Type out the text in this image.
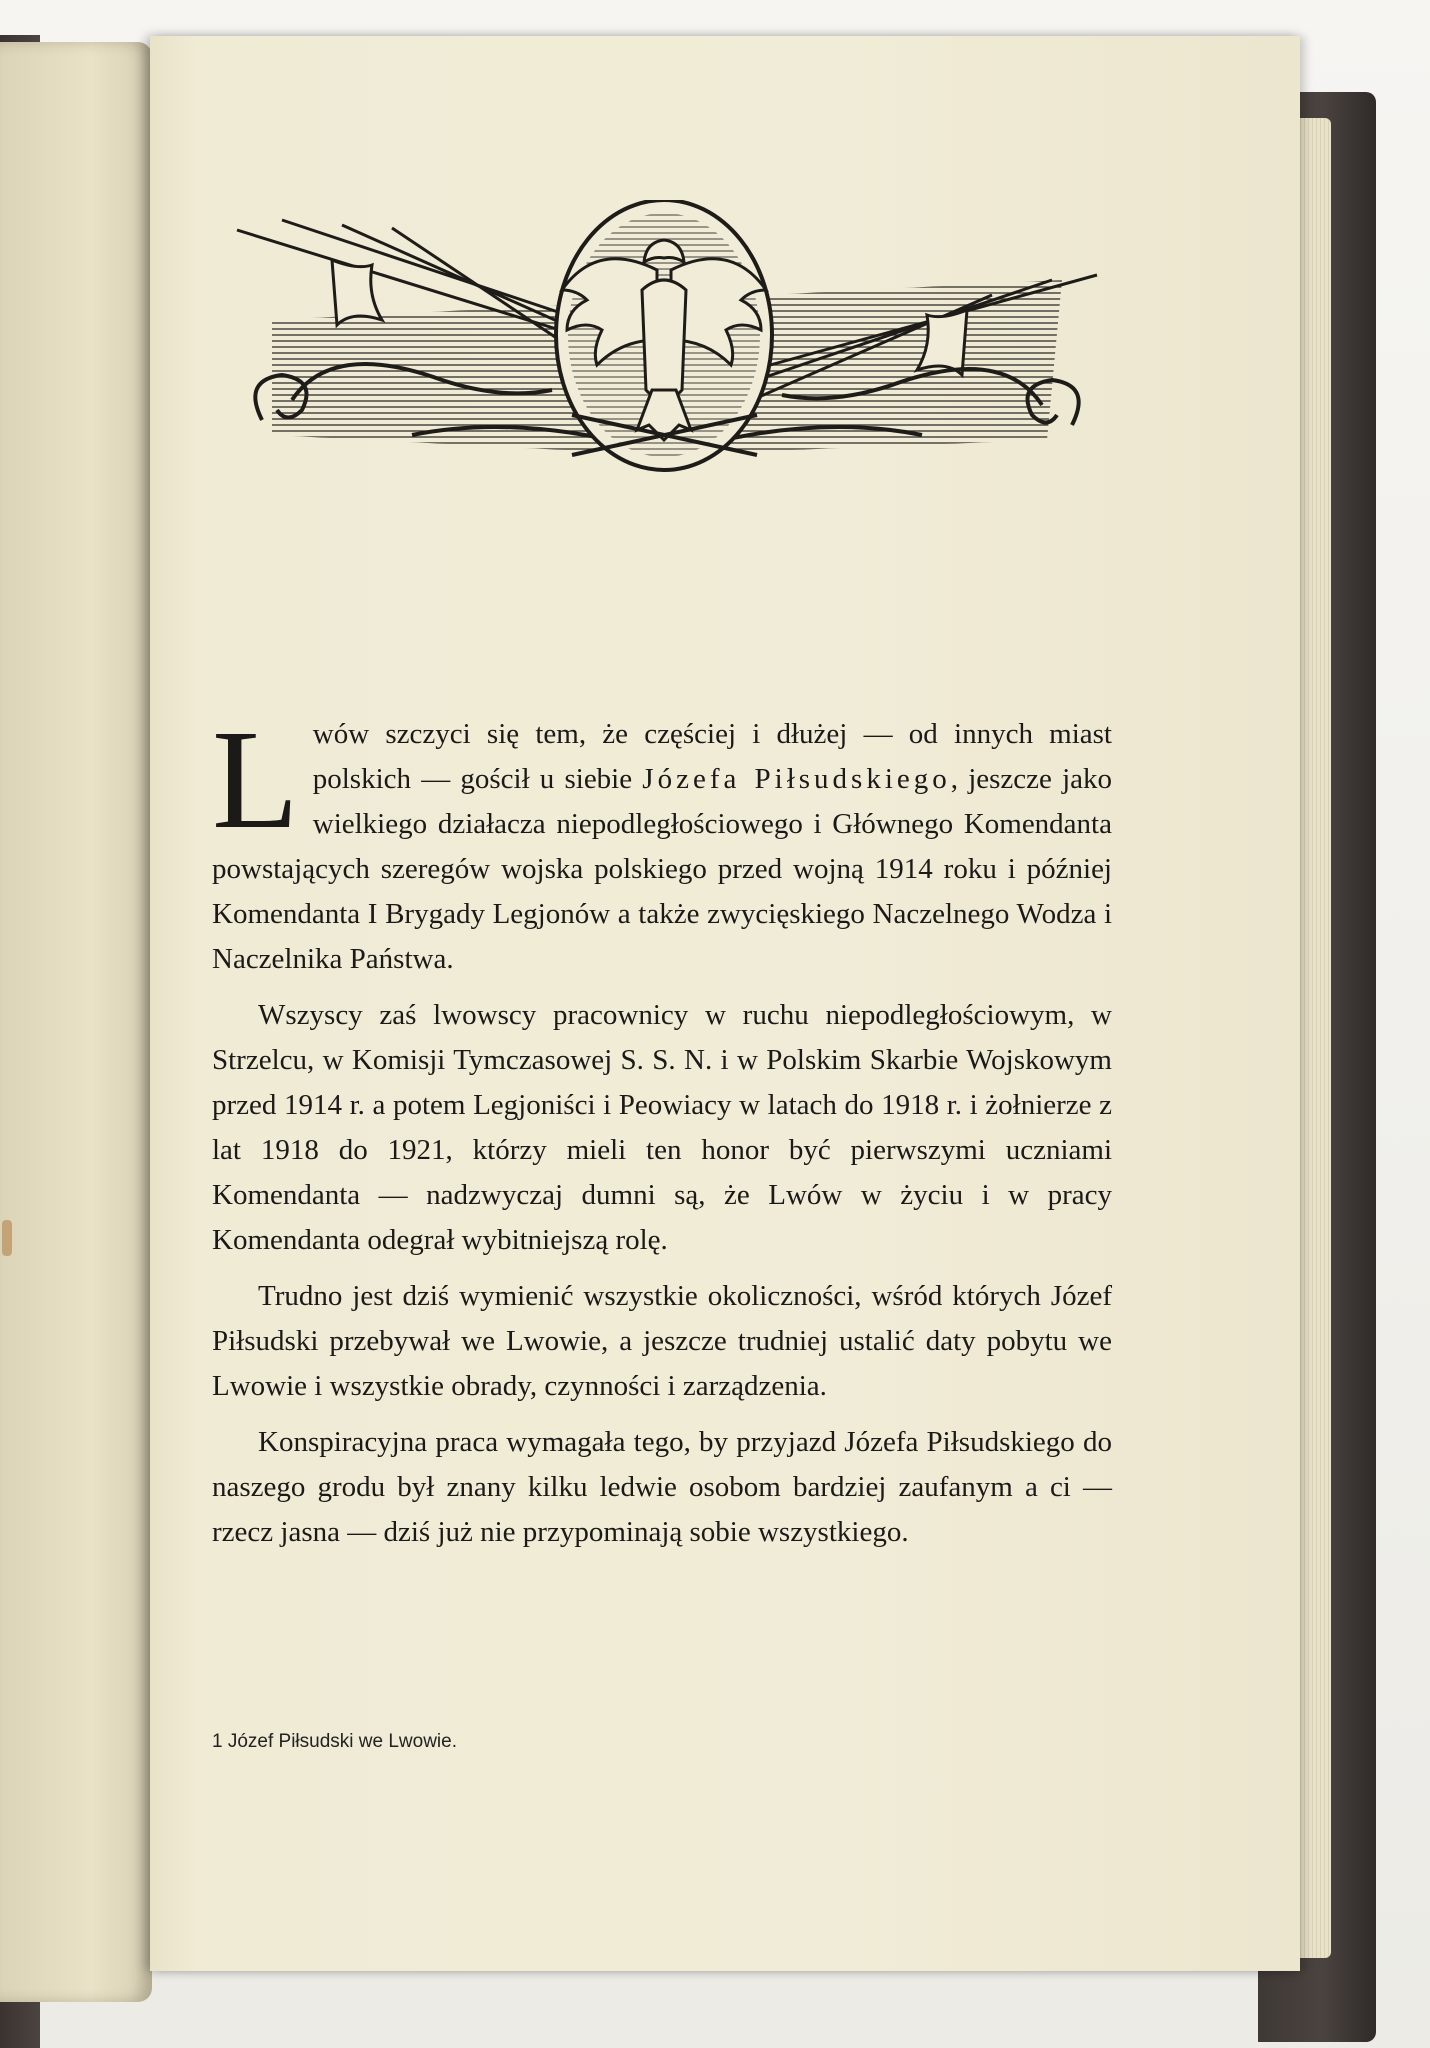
Lwów szczyci się tem, że częściej i dłużej — od innych miast polskich — gościł u siebie Józefa Piłsudskiego, jeszcze jako wielkiego działacza niepodległościowego i Głównego Komendanta powstających szeregów wojska polskiego przed wojną 1914 roku i później Komendanta I Brygady Legjonów a także zwycięskiego Naczelnego Wodza i Naczelnika Państwa.

Wszyscy zaś lwowscy pracownicy w ruchu niepodległościowym, w Strzelcu, w Komisji Tymczasowej S. S. N. i w Polskim Skarbie Wojskowym przed 1914 r. a potem Legjoniści i Peowiacy w latach do 1918 r. i żołnierze z lat 1918 do 1921, którzy mieli ten honor być pierwszymi uczniami Komendanta — nadzwyczaj dumni są, że Lwów w życiu i w pracy Komendanta odegrał wybitniejszą rolę.

Trudno jest dziś wymienić wszystkie okoliczności, wśród których Józef Piłsudski przebywał we Lwowie, a jeszcze trudniej ustalić daty pobytu we Lwowie i wszystkie obrady, czynności i zarządzenia.

Konspiracyjna praca wymagała tego, by przyjazd Józefa Piłsudskiego do naszego grodu był znany kilku ledwie osobom bardziej zaufanym a ci — rzecz jasna — dziś już nie przypominają sobie wszystkiego.

1 Józef Piłsudski we Lwowie.
